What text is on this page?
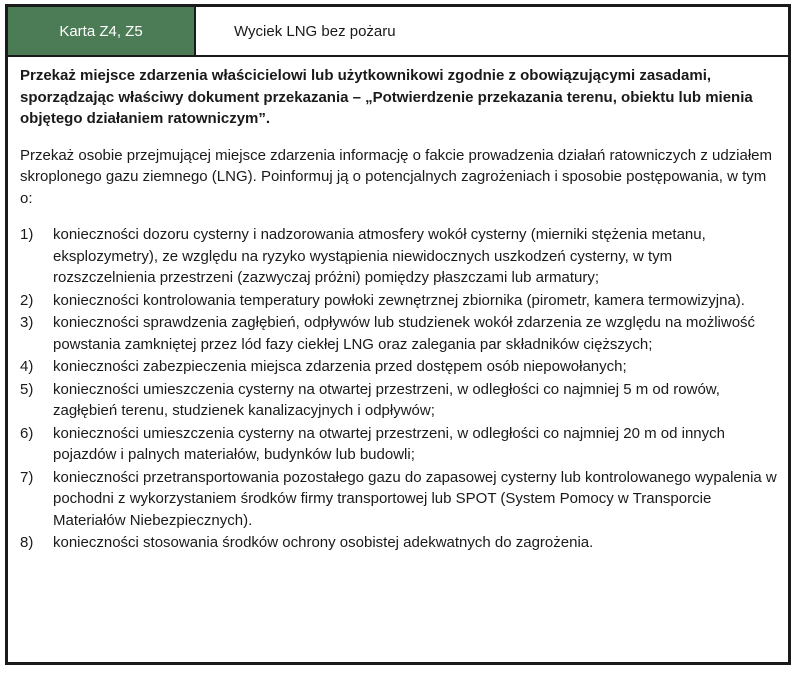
Karta Z4, Z5	Wyciek LNG bez pożaru

Przekaż miejsce zdarzenia właścicielowi lub użytkownikowi zgodnie z obowiązującymi zasadami, sporządzając właściwy dokument przekazania – „Potwierdzenie przekazania terenu, obiektu lub mienia objętego działaniem ratowniczym”.

Przekaż osobie przejmującej miejsce zdarzenia informację o fakcie prowadzenia działań ratowniczych z udziałem skroplonego gazu ziemnego (LNG). Poinformuj ją o potencjalnych zagrożeniach i sposobie postępowania, w tym o:

1)	konieczności dozoru cysterny i nadzorowania atmosfery wokół cysterny (mierniki stężenia metanu, eksplozymetry), ze względu na ryzyko wystąpienia niewidocznych uszkodzeń cysterny, w tym rozszczelnienia przestrzeni (zazwyczaj próżni) pomiędzy płaszczami lub armatury;
2)	konieczności kontrolowania temperatury powłoki zewnętrznej zbiornika (pirometr, kamera termowizyjna).
3)	konieczności sprawdzenia zagłębień, odpływów lub studzienek wokół zdarzenia ze względu na możliwość powstania zamkniętej przez lód fazy ciekłej LNG oraz zalegania par składników cięższych;
4)	konieczności zabezpieczenia miejsca zdarzenia przed dostępem osób niepowołanych;
5)	konieczności umieszczenia cysterny na otwartej przestrzeni, w odległości co najmniej 5 m od rowów, zagłębień terenu, studzienek kanalizacyjnych i odpływów;
6)	konieczności umieszczenia cysterny na otwartej przestrzeni, w odległości co najmniej 20 m od innych pojazdów i palnych materiałów, budynków lub budowli;
7)	konieczności przetransportowania pozostałego gazu do zapasowej cysterny lub kontrolowanego wypalenia w pochodni z wykorzystaniem środków firmy transportowej lub SPOT (System Pomocy w Transporcie Materiałów Niebezpiecznych).
8)	konieczności stosowania środków ochrony osobistej adekwatnych do zagrożenia.
